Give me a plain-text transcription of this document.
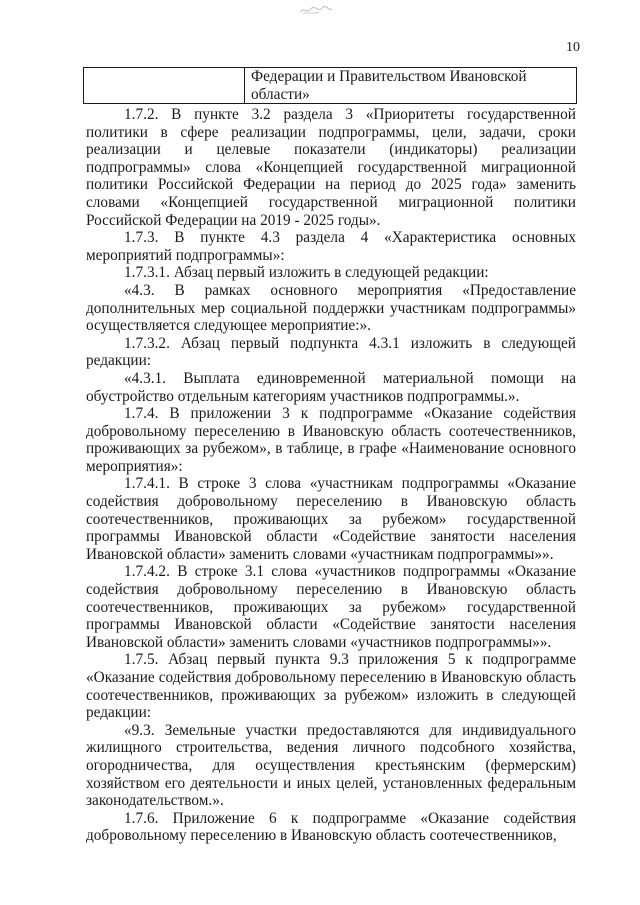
10
	Федерации и Правительством Ивановской области»

1.7.2. В пункте 3.2 раздела 3 «Приоритеты государственной политики в сфере реализации подпрограммы, цели, задачи, сроки реализации и целевые показатели (индикаторы) реализации подпрограммы» слова «Концепцией государственной миграционной политики Российской Федерации на период до 2025 года» заменить словами «Концепцией государственной миграционной политики Российской Федерации на 2019 - 2025 годы».

1.7.3. В пункте 4.3 раздела 4 «Характеристика основных мероприятий подпрограммы»:

1.7.3.1. Абзац первый изложить в следующей редакции:

«4.3. В рамках основного мероприятия «Предоставление дополнительных мер социальной поддержки участникам подпрограммы» осуществляется следующее мероприятие:».

1.7.3.2. Абзац первый подпункта 4.3.1 изложить в следующей редакции:

«4.3.1. Выплата единовременной материальной помощи на обустройство отдельным категориям участников подпрограммы.».

1.7.4. В приложении 3 к подпрограмме «Оказание содействия добровольному переселению в Ивановскую область соотечественников, проживающих за рубежом», в таблице, в графе «Наименование основного мероприятия»:

1.7.4.1. В строке 3 слова «участникам подпрограммы «Оказание содействия добровольному переселению в Ивановскую область соотечественников, проживающих за рубежом» государственной программы Ивановской области «Содействие занятости населения Ивановской области» заменить словами «участникам подпрограммы»».

1.7.4.2. В строке 3.1 слова «участников подпрограммы «Оказание содействия добровольному переселению в Ивановскую область соотечественников, проживающих за рубежом» государственной программы Ивановской области «Содействие занятости населения Ивановской области» заменить словами «участников подпрограммы»».

1.7.5. Абзац первый пункта 9.3 приложения 5 к подпрограмме «Оказание содействия добровольному переселению в Ивановскую область соотечественников, проживающих за рубежом» изложить в следующей редакции:

«9.3. Земельные участки предоставляются для индивидуального жилищного строительства, ведения личного подсобного хозяйства, огородничества, для осуществления крестьянским (фермерским) хозяйством его деятельности и иных целей, установленных федеральным законодательством.».

1.7.6. Приложение 6 к подпрограмме «Оказание содействия добровольному переселению в Ивановскую область соотечественников,
